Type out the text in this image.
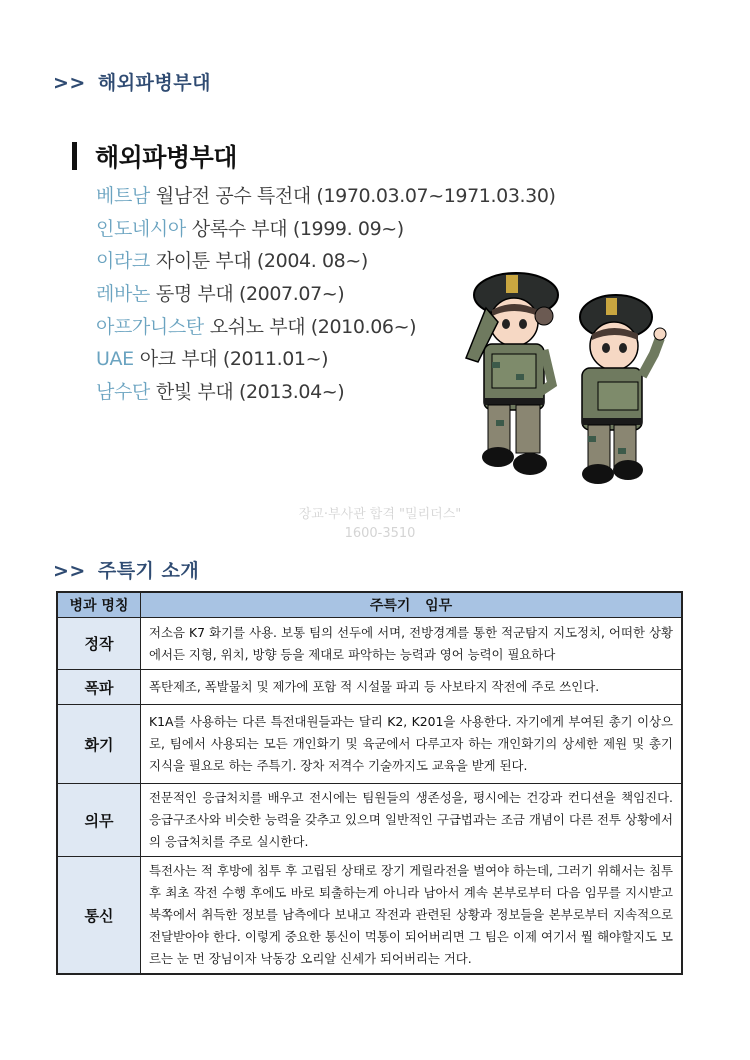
>> 해외파병부대
해외파병부대
베트남 월남전 공수 특전대 (1970.03.07~1971.03.30)
인도네시아 상록수 부대 (1999. 09~)
이라크 자이툰 부대 (2004. 08~)
레바논 동명 부대 (2007.07~)
아프가니스탄 오쉬노 부대 (2010.06~)
UAE 아크 부대 (2011.01~)
남수단 한빛 부대 (2013.04~)
장교·부사관 합격 "밀리더스"
1600-3510
>> 주특기 소개
병과 명칭	주특기   임무
정작	저소음 K7 화기를 사용. 보통 팀의 선두에 서며, 전방경계를 통한 적군탐지 지도정치, 어떠한 상황에서든 지형, 위치, 방향 등을 제대로 파악하는 능력과 영어 능력이 필요하다
폭파	폭탄제조, 폭발물치 및 제가에 포함 적 시설물 파괴 등 사보타지 작전에 주로 쓰인다.
화기	K1A를 사용하는 다른 특전대원들과는 달리 K2, K201을 사용한다. 자기에게 부여된 총기 이상으로, 팀에서 사용되는 모든 개인화기 및 육군에서 다루고자 하는 개인화기의 상세한 제원 및 총기 지식을 필요로 하는 주특기. 장차 저격수 기술까지도 교육을 받게 된다.
의무	전문적인 응급처치를 배우고 전시에는 팀원들의 생존성을, 평시에는 건강과 컨디션을 책임진다. 응급구조사와 비슷한 능력을 갖추고 있으며 일반적인 구급법과는 조금 개념이 다른 전투 상황에서의 응급처치를 주로 실시한다.
통신	특전사는 적 후방에 침투 후 고립된 상태로 장기 게릴라전을 벌여야 하는데, 그러기 위해서는 침투 후 최초 작전 수행 후에도 바로 퇴출하는게 아니라 남아서 계속 본부로부터 다음 임무를 지시받고 북쪽에서 취득한 정보를 남측에다 보내고 작전과 관련된 상황과 정보들을 본부로부터 지속적으로 전달받아야 한다. 이렇게 중요한 통신이 먹통이 되어버리면 그 팀은 이제 여기서 뭘 해야할지도 모르는 눈 먼 장님이자 낙동강 오리알 신세가 되어버리는 거다.
